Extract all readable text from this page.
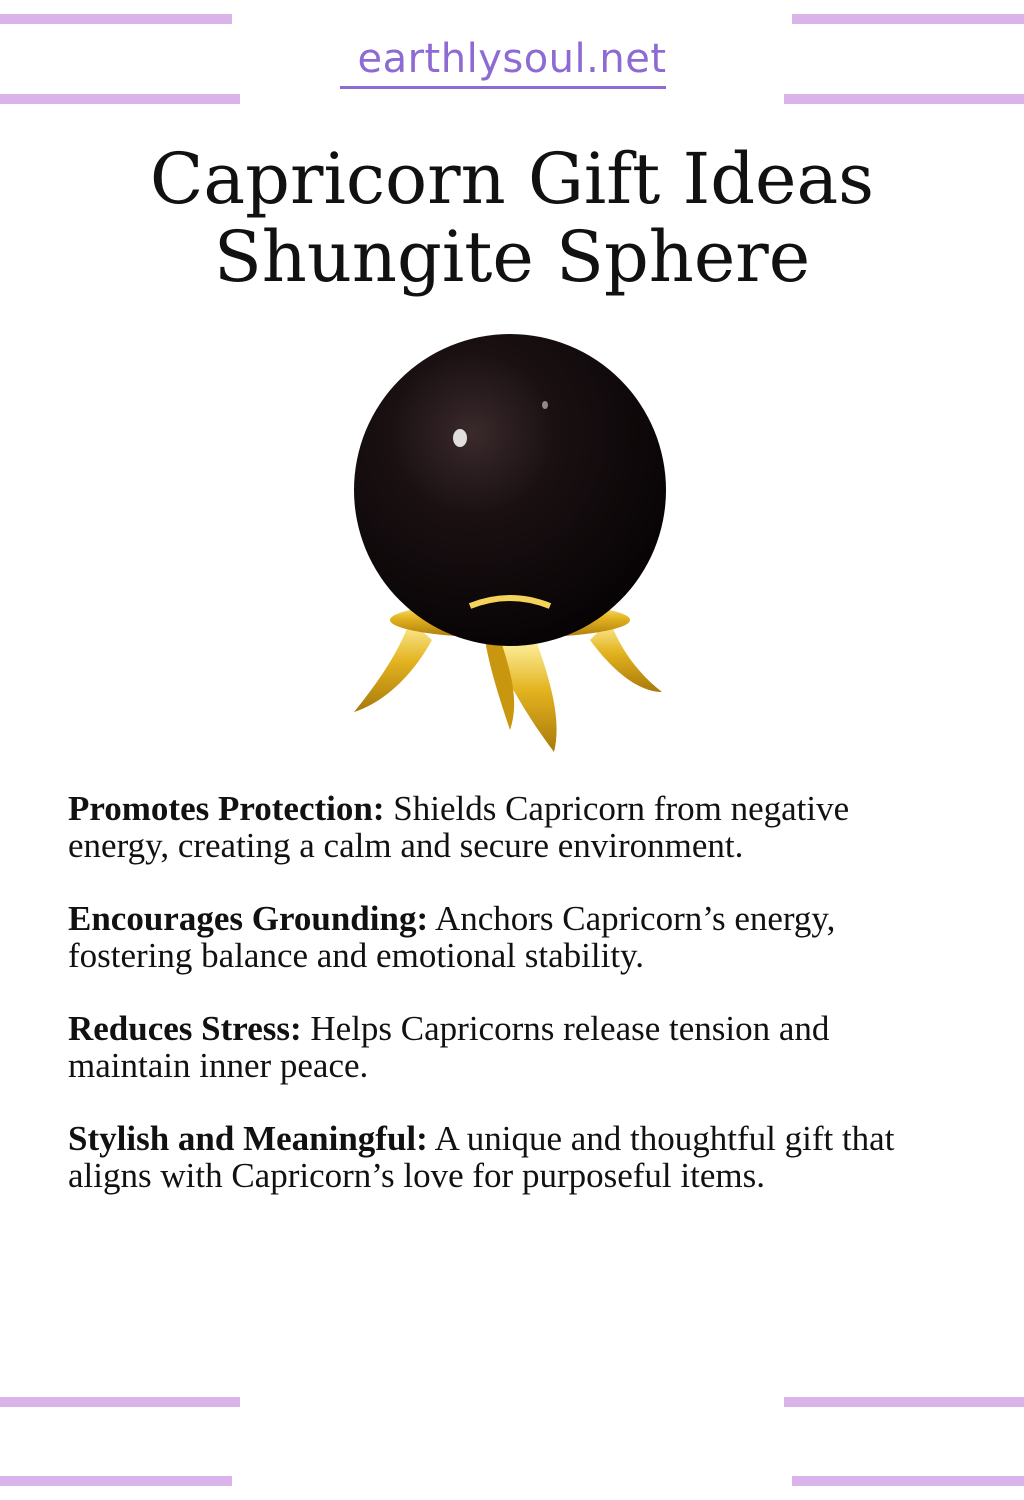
earthlysoul.net
Capricorn Gift Ideas
Shungite Sphere

Promotes Protection: Shields Capricorn from negative energy, creating a calm and secure environment.

Encourages Grounding: Anchors Capricorn’s energy, fostering balance and emotional stability.

Reduces Stress: Helps Capricorns release tension and maintain inner peace.

Stylish and Meaningful: A unique and thoughtful gift that aligns with Capricorn’s love for purposeful items.
